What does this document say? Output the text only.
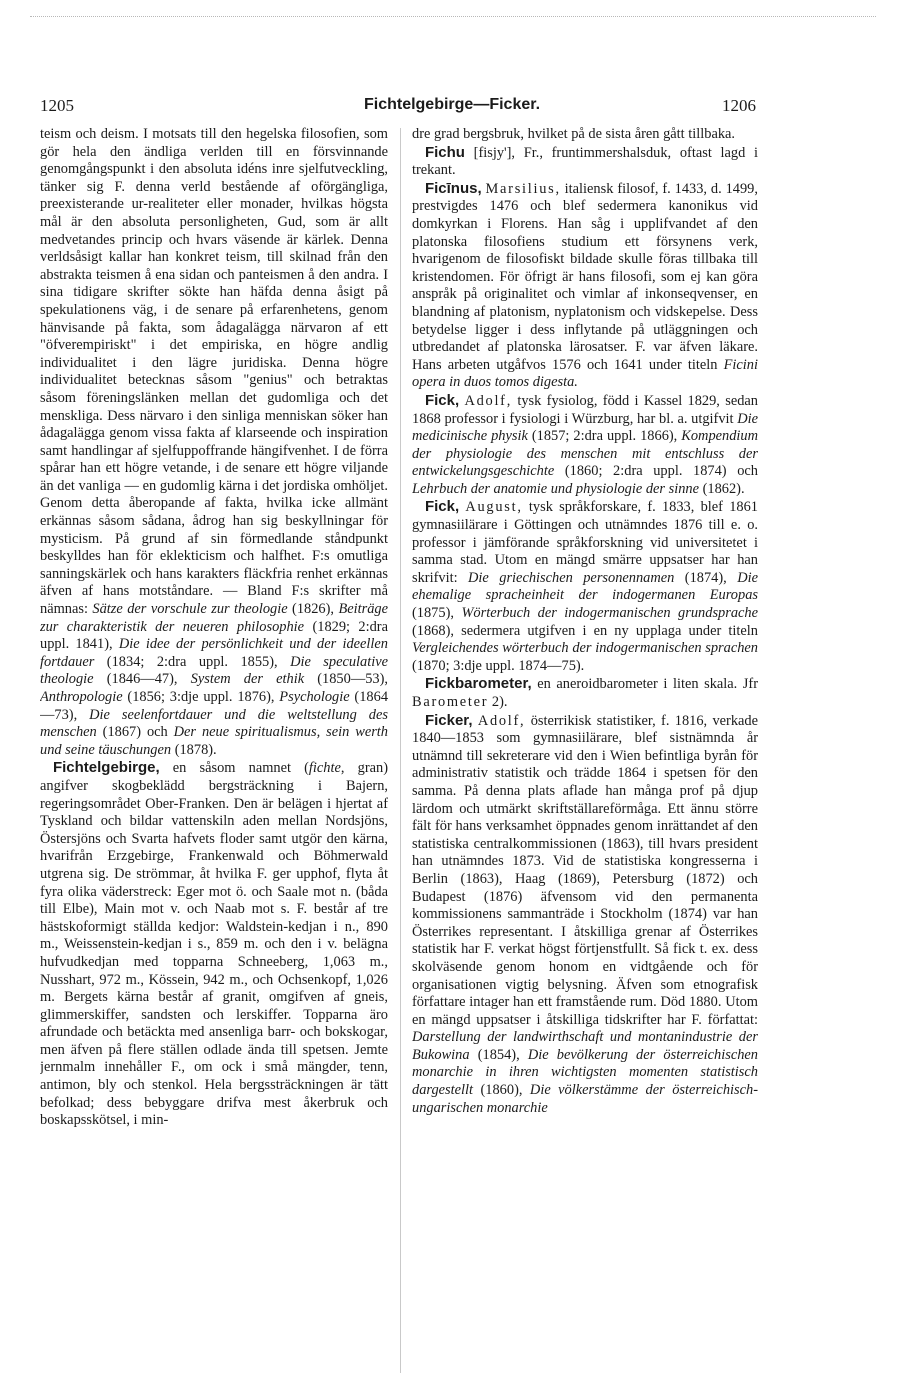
1205	Fichtelgebirge—Ficker.	1206

teism och deism. I motsats till den hegelska filosofien, som gör hela den ändliga verlden till en försvinnande genomgångspunkt i den absoluta idéns inre sjelfutveckling, tänker sig F. denna verld bestående af oförgängliga, preexisterande ur-realiteter eller monader, hvilkas högsta mål är den absoluta personligheten, Gud, som är allt medvetandes princip och hvars väsende är kärlek. Denna verldsåsigt kallar han konkret teism, till skilnad från den abstrakta teismen å ena sidan och panteismen å den andra. I sina tidigare skrifter sökte han häfda denna åsigt på spekulationens väg, i de senare på erfarenhetens, genom hänvisande på fakta, som ådagalägga närvaron af ett "öfverempiriskt" i det empiriska, en högre andlig individualitet i den lägre juridiska. Denna högre individualitet betecknas såsom "genius" och betraktas såsom föreningslänken mellan det gudomliga och det menskliga. Dess närvaro i den sinliga menniskan söker han ådagalägga genom vissa fakta af klarseende och inspiration samt handlingar af sjelfuppoffrande hängifvenhet. I de förra spårar han ett högre vetande, i de senare ett högre viljande än det vanliga — en gudomlig kärna i det jordiska omhöljet. Genom detta åberopande af fakta, hvilka icke allmänt erkännas såsom sådana, ådrog han sig beskyllningar för mysticism. På grund af sin förmedlande ståndpunkt beskylldes han för eklekticism och halfhet. F:s omutliga sanningskärlek och hans karakters fläckfria renhet erkännas äfven af hans motståndare. — Bland F:s skrifter må nämnas: Sätze der vorschule zur theologie (1826), Beiträge zur charakteristik der neueren philosophie (1829; 2:dra uppl. 1841), Die idee der persönlichkeit und der ideellen fortdauer (1834; 2:dra uppl. 1855), Die speculative theologie (1846—47), System der ethik (1850—53), Anthropologie (1856; 3:dje uppl. 1876), Psychologie (1864—73), Die seelenfortdauer und die weltstellung des menschen (1867) och Der neue spiritualismus, sein werth und seine täuschungen (1878).

Fichtelgebirge, en såsom namnet (fichte, gran) angifver skogbeklädd bergsträckning i Bajern, regeringsområdet Ober-Franken. Den är belägen i hjertat af Tyskland och bildar vattenskiln aden mellan Nordsjöns, Östersjöns och Svarta hafvets floder samt utgör den kärna, hvarifrån Erzgebirge, Frankenwald och Böhmerwald utgrena sig. De strömmar, åt hvilka F. ger upphof, flyta åt fyra olika väderstreck: Eger mot ö. och Saale mot n. (båda till Elbe), Main mot v. och Naab mot s. F. består af tre hästskoformigt ställda kedjor: Waldstein-kedjan i n., 890 m., Weissenstein-kedjan i s., 859 m. och den i v. belägna hufvudkedjan med topparna Schneeberg, 1,063 m., Nusshart, 972 m., Kössein, 942 m., och Ochsenkopf, 1,026 m. Bergets kärna består af granit, omgifven af gneis, glimmerskiffer, sandsten och lerskiffer. Topparna äro afrundade och betäckta med ansenliga barr- och bokskogar, men äfven på flere ställen odlade ända till spetsen. Jemte jernmalm innehåller F., om ock i små mängder, tenn, antimon, bly och stenkol. Hela bergssträckningen är tätt befolkad; dess bebyggare drifva mest åkerbruk och boskapsskötsel, i min-

dre grad bergsbruk, hvilket på de sista åren gått tillbaka.

Fichu [fisjy'], Fr., fruntimmershalsduk, oftast lagd i trekant.

Ficīnus, Marsilius, italiensk filosof, f. 1433, d. 1499, prestvigdes 1476 och blef sedermera kanonikus vid domkyrkan i Florens. Han såg i upplifvandet af den platonska filosofiens studium ett försynens verk, hvarigenom de filosofiskt bildade skulle föras tillbaka till kristendomen. För öfrigt är hans filosofi, som ej kan göra anspråk på originalitet och vimlar af inkonseqvenser, en blandning af platonism, nyplatonism och vidskepelse. Dess betydelse ligger i dess inflytande på utläggningen och utbredandet af platonska lärosatser. F. var äfven läkare. Hans arbeten utgåfvos 1576 och 1641 under titeln Ficini opera in duos tomos digesta.

Fick, Adolf, tysk fysiolog, född i Kassel 1829, sedan 1868 professor i fysiologi i Würzburg, har bl. a. utgifvit Die medicinische physik (1857; 2:dra uppl. 1866), Kompendium der physiologie des menschen mit entschluss der entwickelungsgeschichte (1860; 2:dra uppl. 1874) och Lehrbuch der anatomie und physiologie der sinne (1862).

Fick, August, tysk språkforskare, f. 1833, blef 1861 gymnasiilärare i Göttingen och utnämndes 1876 till e. o. professor i jämförande språkforskning vid universitetet i samma stad. Utom en mängd smärre uppsatser har han skrifvit: Die griechischen personennamen (1874), Die ehemalige spracheinheit der indogermanen Europas (1875), Wörterbuch der indogermanischen grundsprache (1868), sedermera utgifven i en ny upplaga under titeln Vergleichendes wörterbuch der indogermanischen sprachen (1870; 3:dje uppl. 1874—75).

Fickbarometer, en aneroidbarometer i liten skala. Jfr Barometer 2).

Ficker, Adolf, österrikisk statistiker, f. 1816, verkade 1840—1853 som gymnasiilärare, blef sistnämnda år utnämnd till sekreterare vid den i Wien befintliga byrån för administrativ statistik och trädde 1864 i spetsen för den samma. På denna plats aflade han många prof på djup lärdom och utmärkt skriftställareförmåga. Ett ännu större fält för hans verksamhet öppnades genom inrättandet af den statistiska centralkommissionen (1863), till hvars president han utnämndes 1873. Vid de statistiska kongresserna i Berlin (1863), Haag (1869), Petersburg (1872) och Budapest (1876) äfvensom vid den permanenta kommissionens sammanträde i Stockholm (1874) var han Österrikes representant. I åtskilliga grenar af Österrikes statistik har F. verkat högst förtjenstfullt. Så fick t. ex. dess skolväsende genom honom en vidtgående och för organisationen vigtig belysning. Äfven som etnografisk författare intager han ett framstående rum. Död 1880. Utom en mängd uppsatser i åtskilliga tidskrifter har F. författat: Darstellung der landwirthschaft und montanindustrie der Bukowina (1854), Die bevölkerung der österreichischen monarchie in ihren wichtigsten momenten statistisch dargestellt (1860), Die völkerstämme der österreichisch-ungarischen monarchie
